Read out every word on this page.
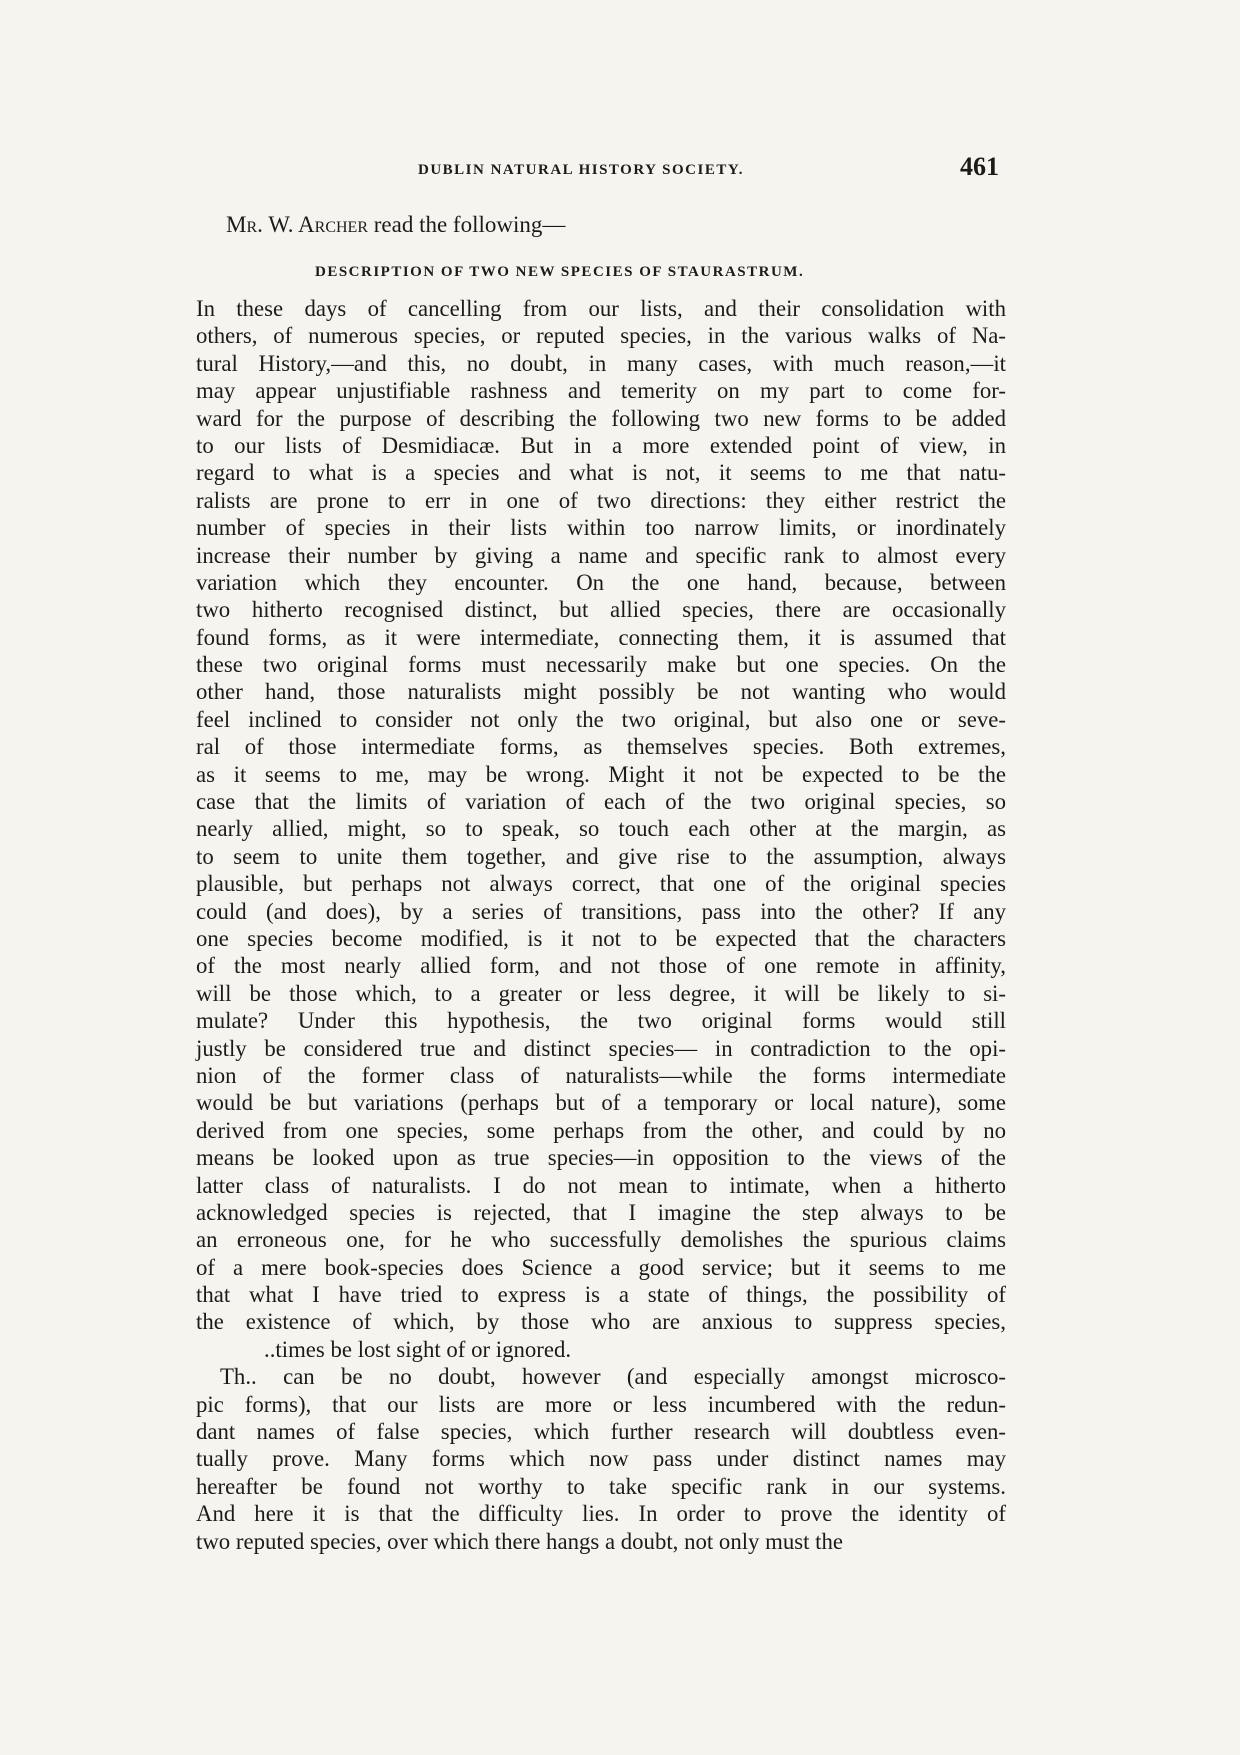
DUBLIN NATURAL HISTORY SOCIETY.	461
Mr. W. Archer read the following—
DESCRIPTION OF TWO NEW SPECIES OF STAURASTRUM.
In these days of cancelling from our lists, and their consolidation with
others, of numerous species, or reputed species, in the various walks of Na-
tural History,—and this, no doubt, in many cases, with much reason,—it
may appear unjustifiable rashness and temerity on my part to come for-
ward for the purpose of describing the following two new forms to be added
to our lists of Desmidiacæ. But in a more extended point of view, in
regard to what is a species and what is not, it seems to me that natu-
ralists are prone to err in one of two directions: they either restrict the
number of species in their lists within too narrow limits, or inordinately
increase their number by giving a name and specific rank to almost every
variation which they encounter. On the one hand, because, between
two hitherto recognised distinct, but allied species, there are occasionally
found forms, as it were intermediate, connecting them, it is assumed that
these two original forms must necessarily make but one species. On the
other hand, those naturalists might possibly be not wanting who would
feel inclined to consider not only the two original, but also one or seve-
ral of those intermediate forms, as themselves species. Both extremes,
as it seems to me, may be wrong. Might it not be expected to be the
case that the limits of variation of each of the two original species, so
nearly allied, might, so to speak, so touch each other at the margin, as
to seem to unite them together, and give rise to the assumption, always
plausible, but perhaps not always correct, that one of the original species
could (and does), by a series of transitions, pass into the other? If any
one species become modified, is it not to be expected that the characters
of the most nearly allied form, and not those of one remote in affinity,
will be those which, to a greater or less degree, it will be likely to si-
mulate? Under this hypothesis, the two original forms would still
justly be considered true and distinct species— in contradiction to the opi-
nion of the former class of naturalists—while the forms intermediate
would be but variations (perhaps but of a temporary or local nature), some
derived from one species, some perhaps from the other, and could by no
means be looked upon as true species—in opposition to the views of the
latter class of naturalists. I do not mean to intimate, when a hitherto
acknowledged species is rejected, that I imagine the step always to be
an erroneous one, for he who successfully demolishes the spurious claims
of a mere book-species does Science a good service; but it seems to me
that what I have tried to express is a state of things, the possibility of
the existence of which, by those who are anxious to suppress species,
..times be lost sight of or ignored.
Th.. can be no doubt, however (and especially amongst microsco-
pic forms), that our lists are more or less incumbered with the redun-
dant names of false species, which further research will doubtless even-
tually prove. Many forms which now pass under distinct names may
hereafter be found not worthy to take specific rank in our systems.
And here it is that the difficulty lies. In order to prove the identity of
two reputed species, over which there hangs a doubt, not only must the
